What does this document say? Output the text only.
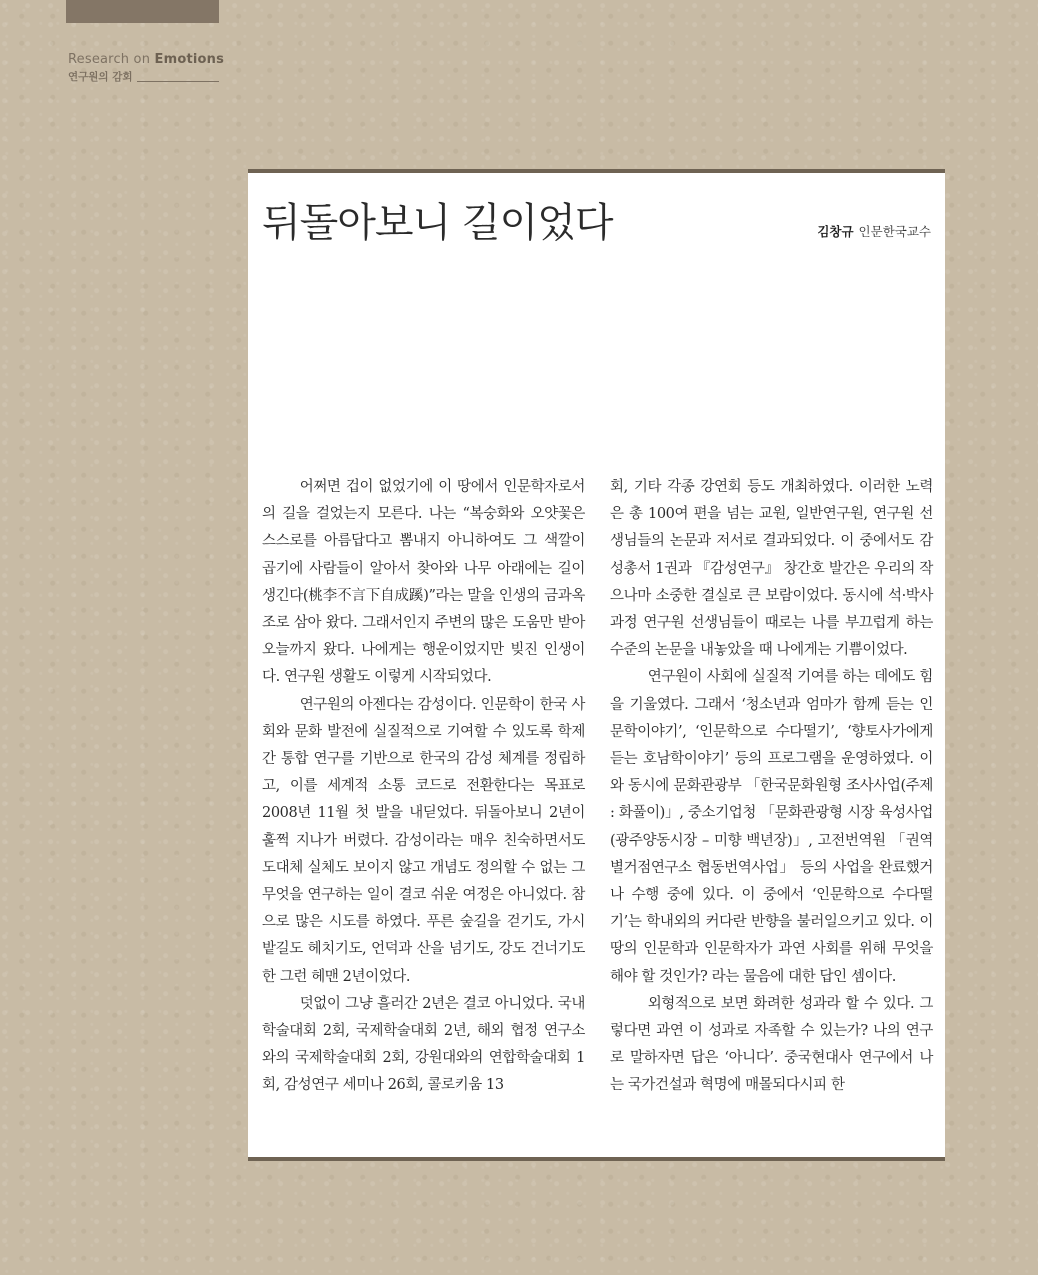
Research on Emotions
연구원의 감회
뒤돌아보니 길이었다	김창규 인문한국교수

어쩌면 겁이 없었기에 이 땅에서 인문학자로서의 길을 걸었는지 모른다. 나는 “복숭화와 오얏꽃은 스스로를 아름답다고 뽐내지 아니하여도 그 색깔이 곱기에 사람들이 알아서 찾아와 나무 아래에는 길이 생긴다(桃李不言下自成蹊)”라는 말을 인생의 금과옥조로 삼아 왔다. 그래서인지 주변의 많은 도움만 받아 오늘까지 왔다. 나에게는 행운이었지만 빚진 인생이다. 연구원 생활도 이렇게 시작되었다.

연구원의 아젠다는 감성이다. 인문학이 한국 사회와 문화 발전에 실질적으로 기여할 수 있도록 학제 간 통합 연구를 기반으로 한국의 감성 체계를 정립하고, 이를 세계적 소통 코드로 전환한다는 목표로 2008년 11월 첫 발을 내딛었다. 뒤돌아보니 2년이 훌쩍 지나가 버렸다. 감성이라는 매우 친숙하면서도 도대체 실체도 보이지 않고 개념도 정의할 수 없는 그 무엇을 연구하는 일이 결코 쉬운 여정은 아니었다. 참으로 많은 시도를 하였다. 푸른 숲길을 걷기도, 가시밭길도 헤치기도, 언덕과 산을 넘기도, 강도 건너기도 한 그런 헤맨 2년이었다.

덧없이 그냥 흘러간 2년은 결코 아니었다. 국내학술대회 2회, 국제학술대회 2년, 해외 협정 연구소와의 국제학술대회 2회, 강원대와의 연합학술대회 1회, 감성연구 세미나 26회, 콜로키움 13

회, 기타 각종 강연회 등도 개최하였다. 이러한 노력은 총 100여 편을 넘는 교원, 일반연구원, 연구원 선생님들의 논문과 저서로 결과되었다. 이 중에서도 감성총서 1권과 『감성연구』 창간호 발간은 우리의 작으나마 소중한 결실로 큰 보람이었다. 동시에 석·박사과정 연구원 선생님들이 때로는 나를 부끄럽게 하는 수준의 논문을 내놓았을 때 나에게는 기쁨이었다.

연구원이 사회에 실질적 기여를 하는 데에도 힘을 기울였다. 그래서 ‘청소년과 엄마가 함께 듣는 인문학이야기’, ‘인문학으로 수다떨기’, ‘향토사가에게 듣는 호남학이야기’ 등의 프로그램을 운영하였다. 이와 동시에 문화관광부 「한국문화원형 조사사업(주제 : 화풀이)」, 중소기업청 「문화관광형 시장 육성사업(광주양동시장 – 미향 백년장)」, 고전번역원 「권역별거점연구소 협동번역사업」 등의 사업을 완료했거나 수행 중에 있다. 이 중에서 ‘인문학으로 수다떨기’는 학내외의 커다란 반향을 불러일으키고 있다. 이 땅의 인문학과 인문학자가 과연 사회를 위해 무엇을 해야 할 것인가? 라는 물음에 대한 답인 셈이다.

외형적으로 보면 화려한 성과라 할 수 있다. 그렇다면 과연 이 성과로 자족할 수 있는가? 나의 연구로 말하자면 답은 ‘아니다’. 중국현대사 연구에서 나는 국가건설과 혁명에 매몰되다시피 한
